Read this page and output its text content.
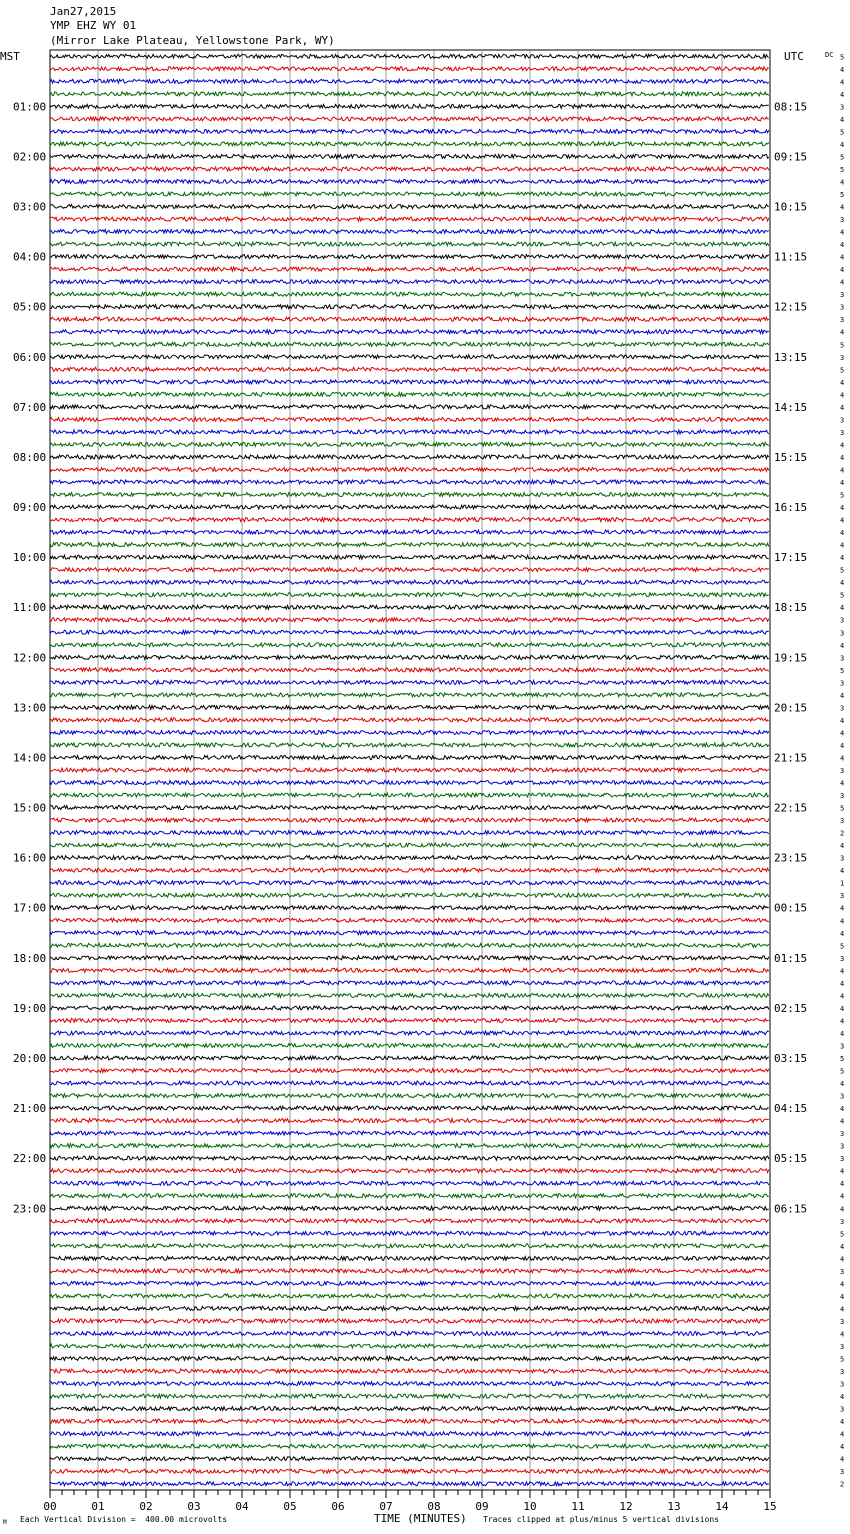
Jan27,2015
YMP EHZ WY 01
(Mirror Lake Plateau, Yellowstone Park, WY)
MST	UTC	DC
01:00
02:00
03:00
04:00
05:00
06:00
07:00
08:00
09:00
10:00
11:00
12:00
13:00
14:00
15:00
16:00
17:00
18:00
19:00
20:00
21:00
22:00
23:00
08:15
09:15
10:15
11:15
12:15
13:15
14:15
15:15
16:15
17:15
18:15
19:15
20:15
21:15
22:15
23:15
00:15
01:15
02:15
03:15
04:15
05:15
06:15
5
4
4
4
3
4
5
4
5
5
4
5
4
3
4
4
4
4
4
3
3
3
4
5
3
5
4
4
4
3
3
4
4
4
4
5
4
4
4
4
4
5
4
5
4
3
3
4
3
5
3
4
3
4
4
4
4
3
4
3
5
3
2
4
3
4
1
3
4
4
4
5
3
4
4
4
4
4
4
3
5
5
4
3
4
4
3
3
3
4
4
4
4
3
5
4
4
3
4
4
4
3
4
3
5
3
3
4
3
4
4
4
4
3
2
00	01	02	03	04	05	06	07	08	09	10	11	12	13	14	15
TIME (MINUTES)
Each Vertical Division =  400.00 microvolts	Traces clipped at plus/minus 5 vertical divisions
M
